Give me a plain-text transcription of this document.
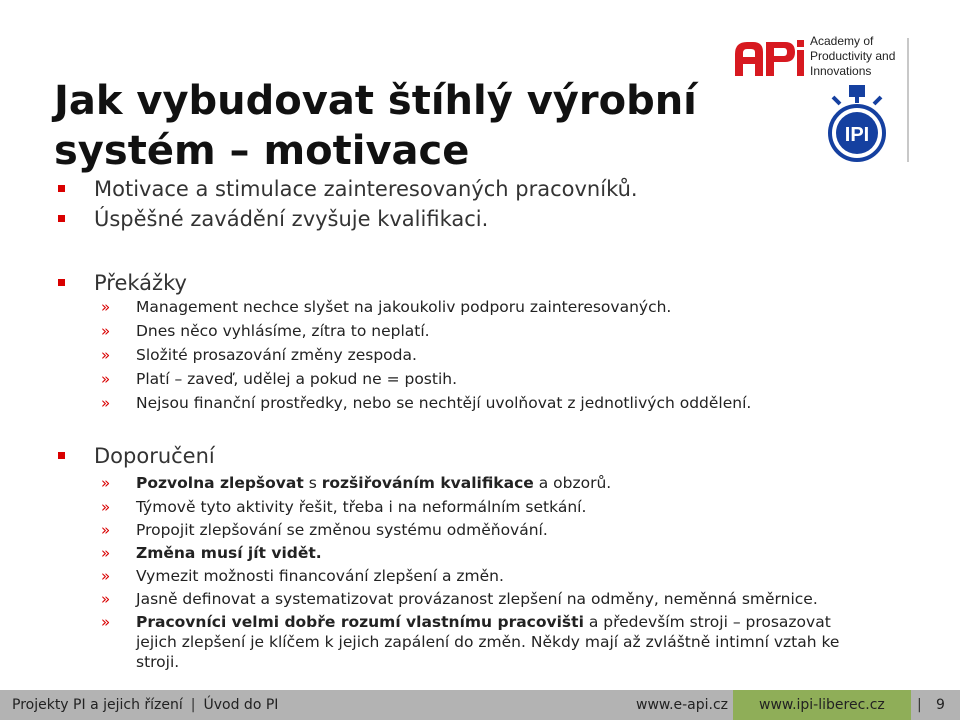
Jak vybudovat štíhlý výrobní systém – motivace
Academy of
Productivity and
Innovations
IPI
Motivace a stimulace zainteresovaných pracovníků.
Úspěšné zavádění zvyšuje kvalifikaci.
Překážky
» Management nechce slyšet na jakoukoliv podporu zainteresovaných.
» Dnes něco vyhlásíme, zítra to neplatí.
» Složité prosazování změny zespoda.
» Platí – zaveď, udělej a pokud ne = postih.
» Nejsou finanční prostředky, nebo se nechtějí uvolňovat z jednotlivých oddělení.
Doporučení
» Pozvolna zlepšovat s rozšiřováním kvalifikace a obzorů.
» Týmově tyto aktivity řešit, třeba i na neformálním setkání.
» Propojit zlepšování se změnou systému odměňování.
» Změna musí jít vidět.
» Vymezit možnosti financování zlepšení a změn.
» Jasně definovat a systematizovat provázanost zlepšení na odměny, neměnná směrnice.
» Pracovníci velmi dobře rozumí vlastnímu pracovišti a především stroji – prosazovat jejich zlepšení je klíčem k jejich zapálení do změn. Někdy mají až zvláštně intimní vztah ke stroji.
Projekty PI a jejich řízení | Úvod do PI	www.e-api.cz www.ipi-liberec.cz	| 9
